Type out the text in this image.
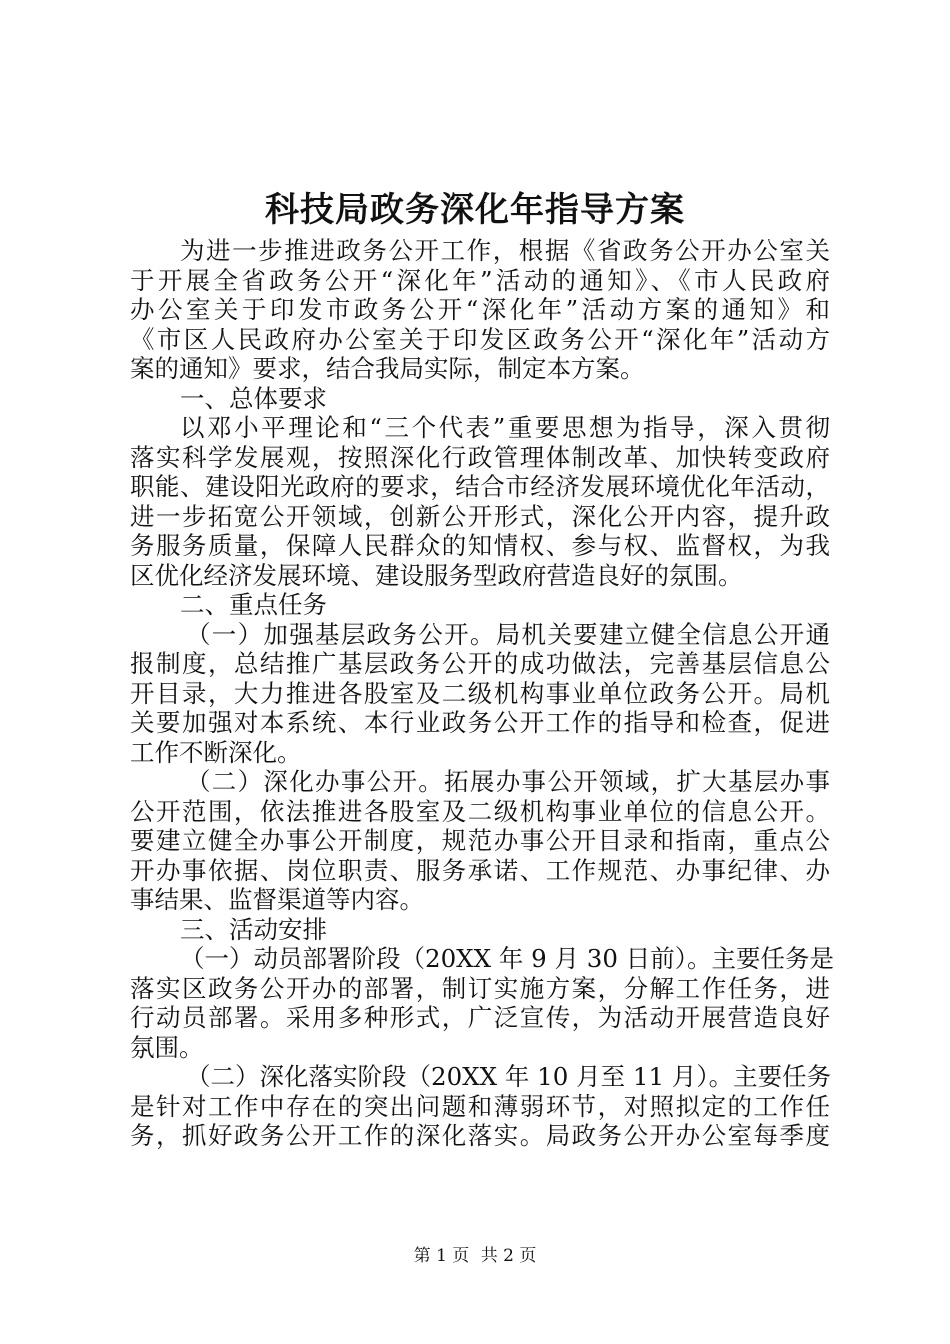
科技局政务深化年指导方案
为进一步推进政务公开工作，根据《省政务公开办公室关
于开展全省政务公开“深化年”活动的通知》、《市人民政府
办公室关于印发市政务公开“深化年”活动方案的通知》和
《市区人民政府办公室关于印发区政务公开“深化年”活动方
案的通知》要求，结合我局实际，制定本方案。
一、总体要求
以邓小平理论和“三个代表”重要思想为指导，深入贯彻
落实科学发展观，按照深化行政管理体制改革、加快转变政府
职能、建设阳光政府的要求，结合市经济发展环境优化年活动，
进一步拓宽公开领域，创新公开形式，深化公开内容，提升政
务服务质量，保障人民群众的知情权、参与权、监督权，为我
区优化经济发展环境、建设服务型政府营造良好的氛围。
二、重点任务
（一）加强基层政务公开。局机关要建立健全信息公开通
报制度，总结推广基层政务公开的成功做法，完善基层信息公
开目录，大力推进各股室及二级机构事业单位政务公开。局机
关要加强对本系统、本行业政务公开工作的指导和检查，促进
工作不断深化。
（二）深化办事公开。拓展办事公开领域，扩大基层办事
公开范围，依法推进各股室及二级机构事业单位的信息公开。
要建立健全办事公开制度，规范办事公开目录和指南，重点公
开办事依据、岗位职责、服务承诺、工作规范、办事纪律、办
事结果、监督渠道等内容。
三、活动安排
（一）动员部署阶段（20XX 年 9 月 30 日前）。主要任务是
落实区政务公开办的部署，制订实施方案，分解工作任务，进
行动员部署。采用多种形式，广泛宣传，为活动开展营造良好
氛围。
（二）深化落实阶段（20XX 年 10 月至 11 月）。主要任务
是针对工作中存在的突出问题和薄弱环节，对照拟定的工作任
务，抓好政务公开工作的深化落实。局政务公开办公室每季度
第 1 页 共 2 页
